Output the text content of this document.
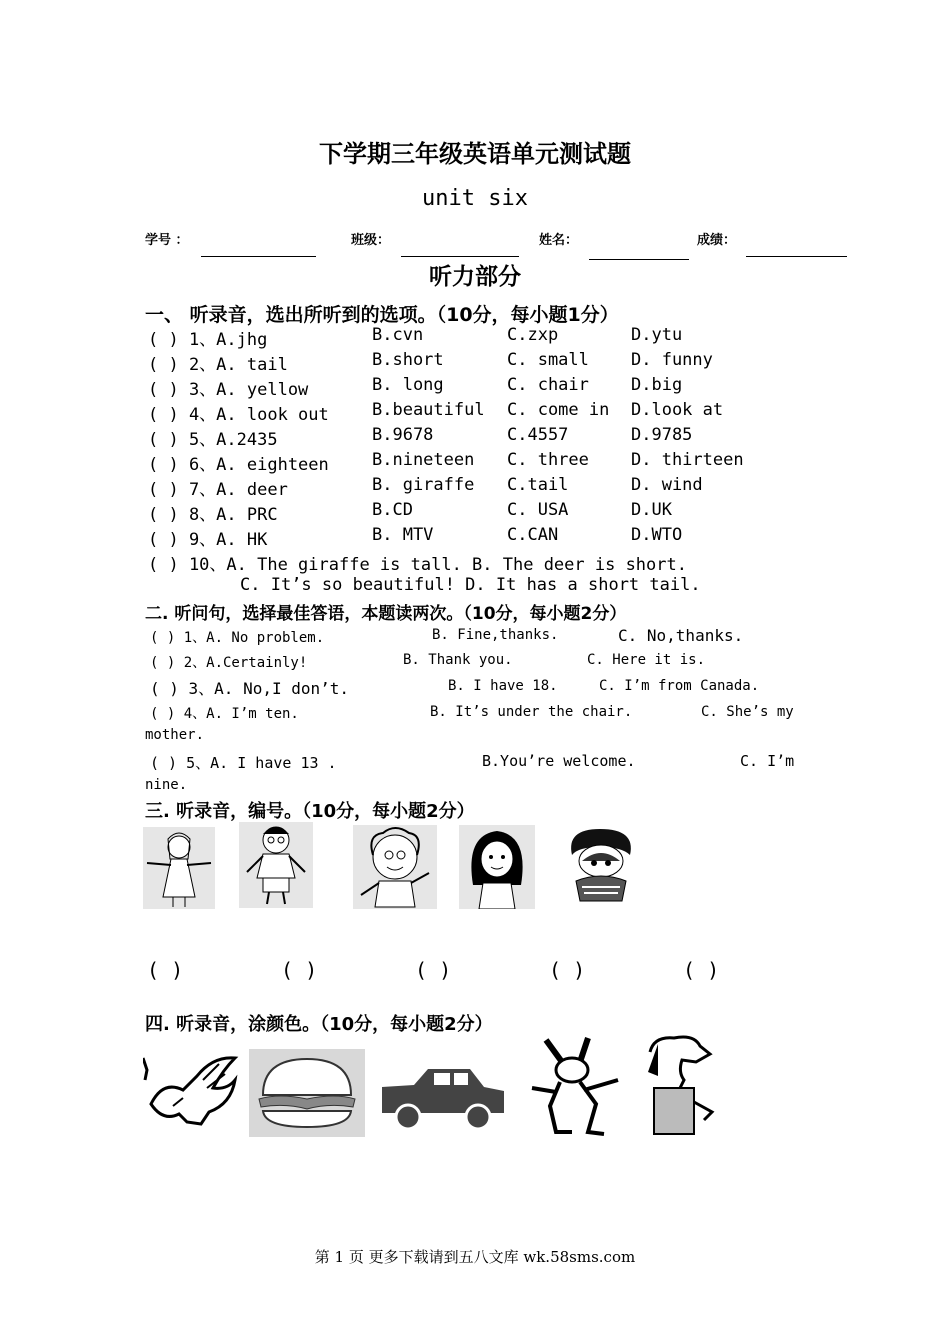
下学期三年级英语单元测试题
unit six
学号 ：	班级：	姓名：	成绩：
听力部分
一、 听录音，选出所听到的选项。（10分，每小题1分）
( ) 1、A.jhg	B.cvn	C.zxp	D.ytu
( ) 2、A. tail	B.short	C. small D. funny
( ) 3、A. yellow	B. long	C. chair D.big
( ) 4、A. look out	B.beautiful C. come in D.look at
( ) 5、A.2435	B.9678	C.4557	D.9785
( ) 6、A. eighteen	B.nineteen C. three D. thirteen
( ) 7、A. deer	B. giraffe C.tail	D. wind
( ) 8、A. PRC	B.CD	C. USA	D.UK
( ) 9、A. HK	B. MTV	C.CAN	D.WTO
( ) 10、A. The giraffe is tall. B. The deer is short.
C. It’s so beautiful! D. It has a short tail.
二. 听问句，选择最佳答语，本题读两次。（10分，每小题2分）
( ) 1、A. No problem.	B. Fine,thanks.	C. No,thanks.
( ) 2、A.Certainly!	B. Thank you.	C. Here it is.
( ) 3、A. No,I don’t.	B. I have 18.	C. I’m from Canada.
( ) 4、A. I’m ten.	B. It’s under the chair.	C. She’s my
mother.
( ) 5、A. I have 13 .	B.You’re welcome.	C. I’m
nine.
三. 听录音，编号。（10分，每小题2分）
( )	( )	( )	( )	( )
四. 听录音，涂颜色。（10分，每小题2分）
第 1 页 更多下载请到五八文库 wk.58sms.com
